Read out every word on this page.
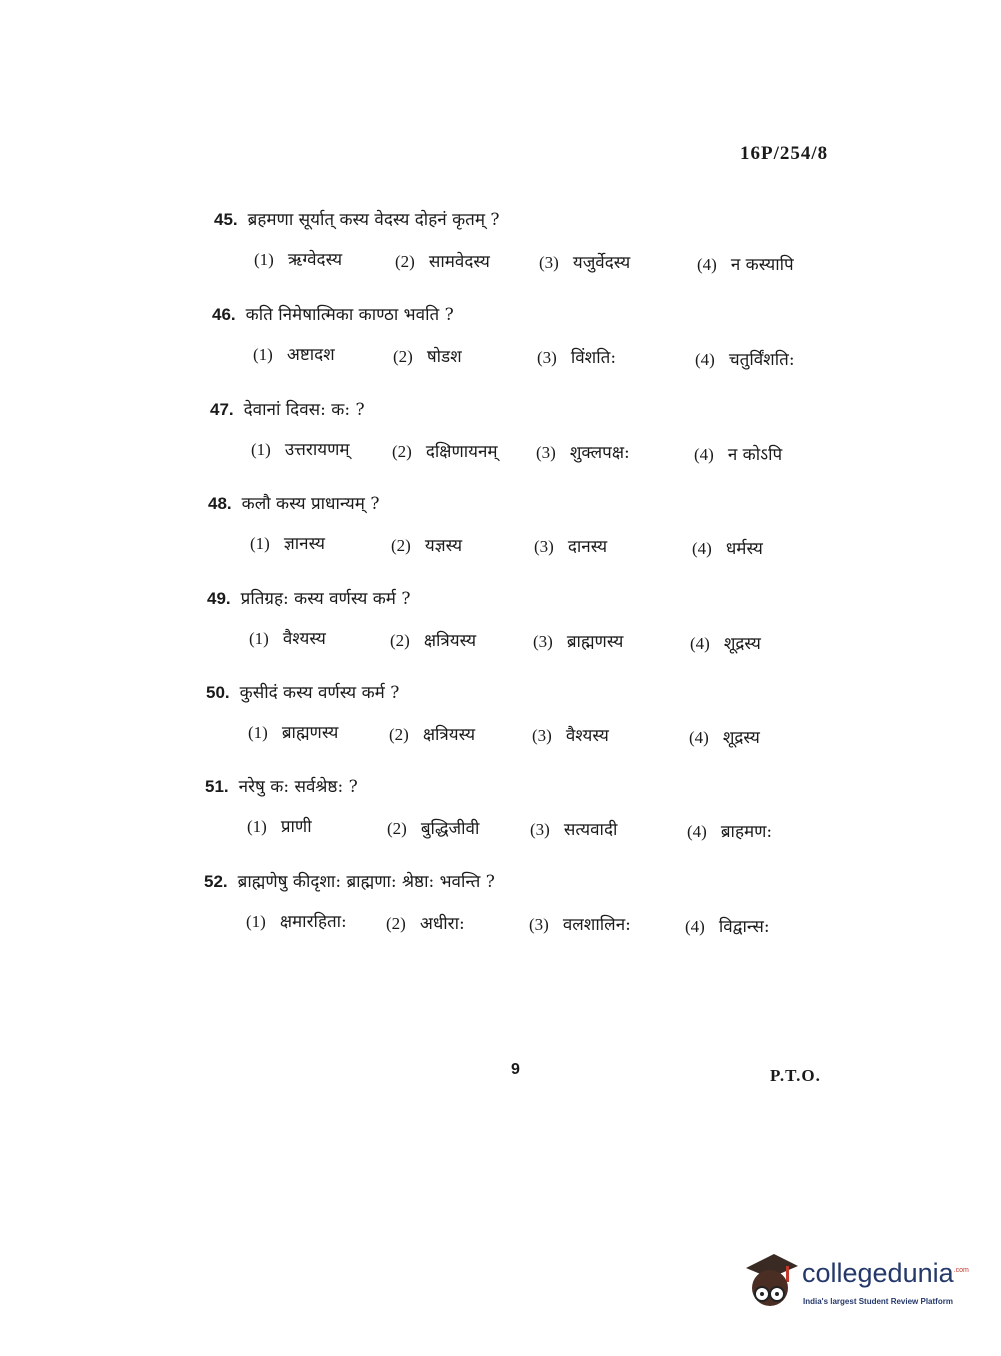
16P/254/8
45. ब्रहमणा सूर्यात् कस्य वेदस्य दोहनं कृतम् ?
(1) ऋग्वेदस्य	(2) सामवेदस्य	(3) यजुर्वेदस्य	(4) न कस्यापि
46. कति निमेषात्मिका काण्ठा भवति ?
(1) अष्टादश	(2) षोडश	(3) विंशति:	(4) चतुर्विंशति:
47. देवानां दिवस: क: ?
(1) उत्तरायणम् (2) दक्षिणायनम् (3) शुक्लपक्ष:	(4) न कोऽपि
48. कलौ कस्य प्राधान्यम् ?
(1) ज्ञानस्य	(2) यज्ञस्य	(3) दानस्य	(4) धर्मस्य
49. प्रतिग्रह: कस्य वर्णस्य कर्म ?
(1) वैश्यस्य	(2) क्षत्रियस्य	(3) ब्राह्मणस्य	(4) शूद्रस्य
50. कुसीदं कस्य वर्णस्य कर्म ?
(1) ब्राह्मणस्य	(2) क्षत्रियस्य	(3) वैश्यस्य	(4) शूद्रस्य
51. नरेषु क: सर्वश्रेष्ठ: ?
(1) प्राणी	(2) बुद्धिजीवी	(3) सत्यवादी	(4) ब्राहमण:
52. ब्राह्मणेषु कीदृशा: ब्राह्मणा: श्रेष्ठा: भवन्ति ?
(1) क्षमारहिता: (2) अधीरा:	(3) वलशालिन:	(4) विद्वान्स:
9	P.T.O.
collegedunia$^{.com}$
India's largest Student Review Platform
